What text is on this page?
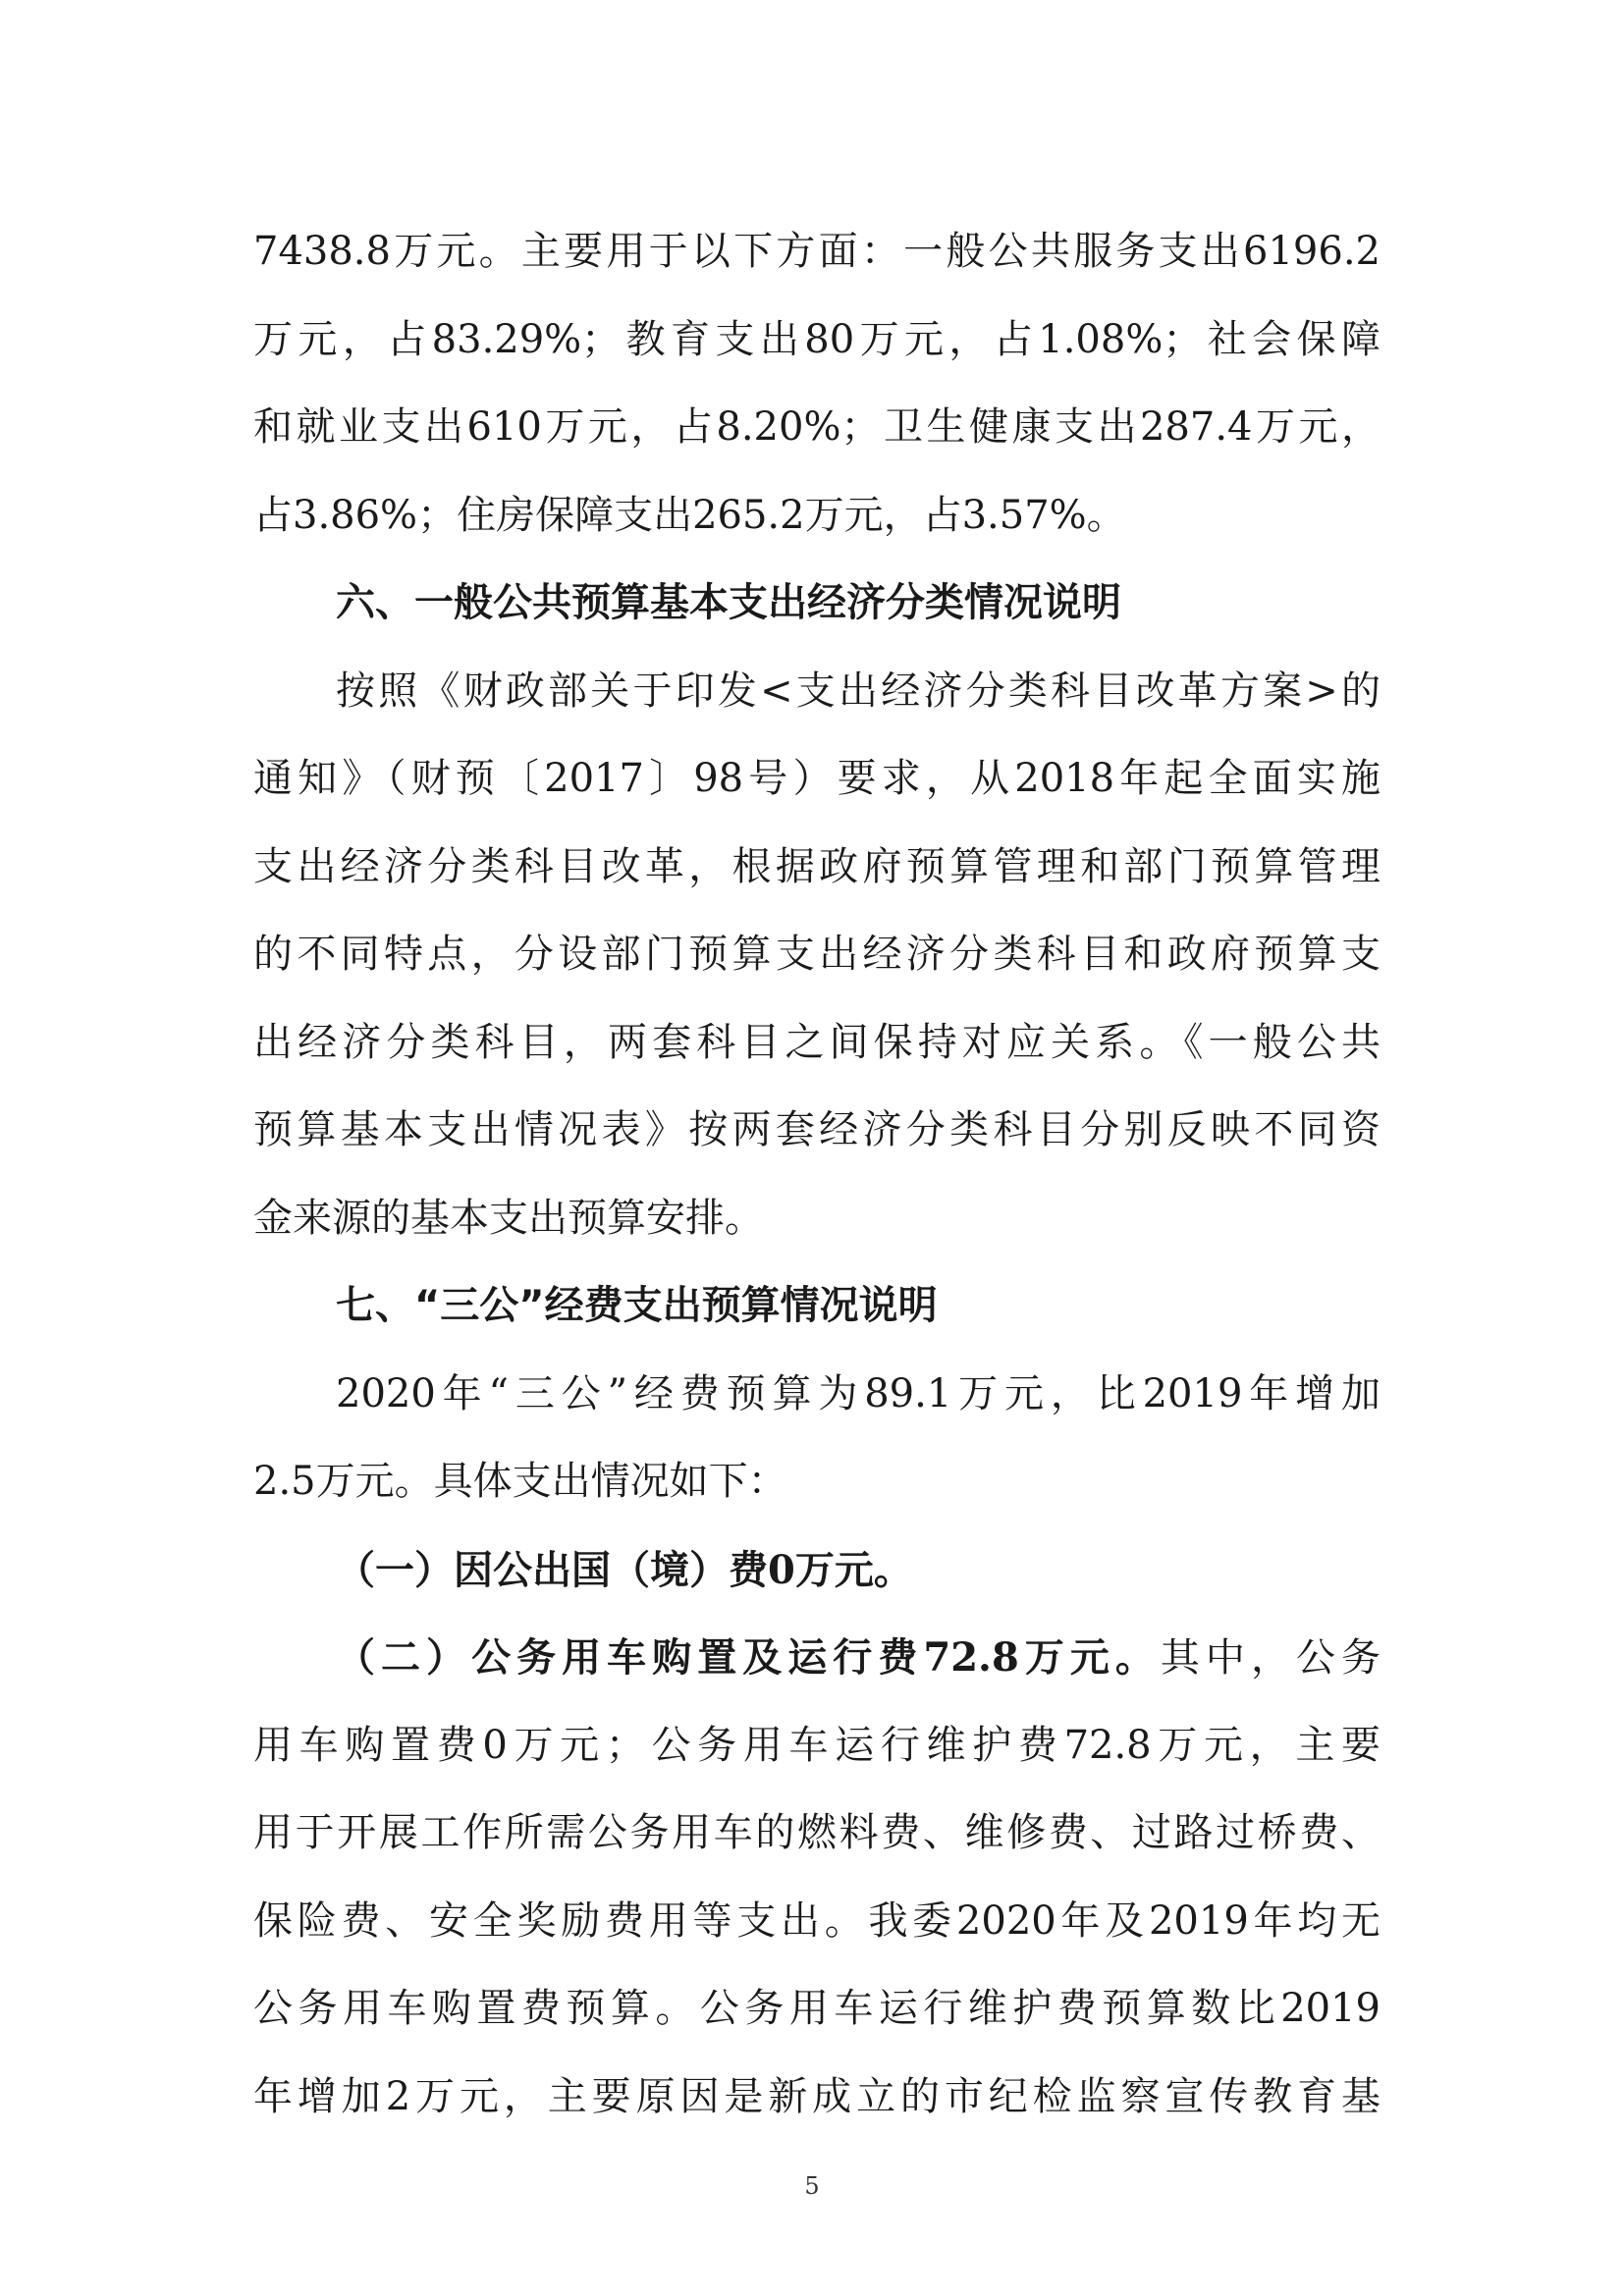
7438.8万元。主要用于以下方面：一般公共服务支出6196.2
万元，占83.29%；教育支出80万元，占1.08%；社会保障
和就业支出610万元，占8.20%；卫生健康支出287.4万元，
占3.86%；住房保障支出265.2万元，占3.57%。
六、一般公共预算基本支出经济分类情况说明
按照《财政部关于印发<支出经济分类科目改革方案>的
通知》（财预〔2017〕98号）要求，从2018年起全面实施
支出经济分类科目改革，根据政府预算管理和部门预算管理
的不同特点，分设部门预算支出经济分类科目和政府预算支
出经济分类科目，两套科目之间保持对应关系。《一般公共
预算基本支出情况表》按两套经济分类科目分别反映不同资
金来源的基本支出预算安排。
七、“三公”经费支出预算情况说明
2020年“三公”经费预算为89.1万元，比2019年增加
2.5万元。具体支出情况如下：
（一）因公出国（境）费0万元。
（二）公务用车购置及运行费72.8万元。其中，公务
用车购置费0万元；公务用车运行维护费72.8万元，主要
用于开展工作所需公务用车的燃料费、维修费、过路过桥费、
保险费、安全奖励费用等支出。我委2020年及2019年均无
公务用车购置费预算。公务用车运行维护费预算数比2019
年增加2万元，主要原因是新成立的市纪检监察宣传教育基
5
